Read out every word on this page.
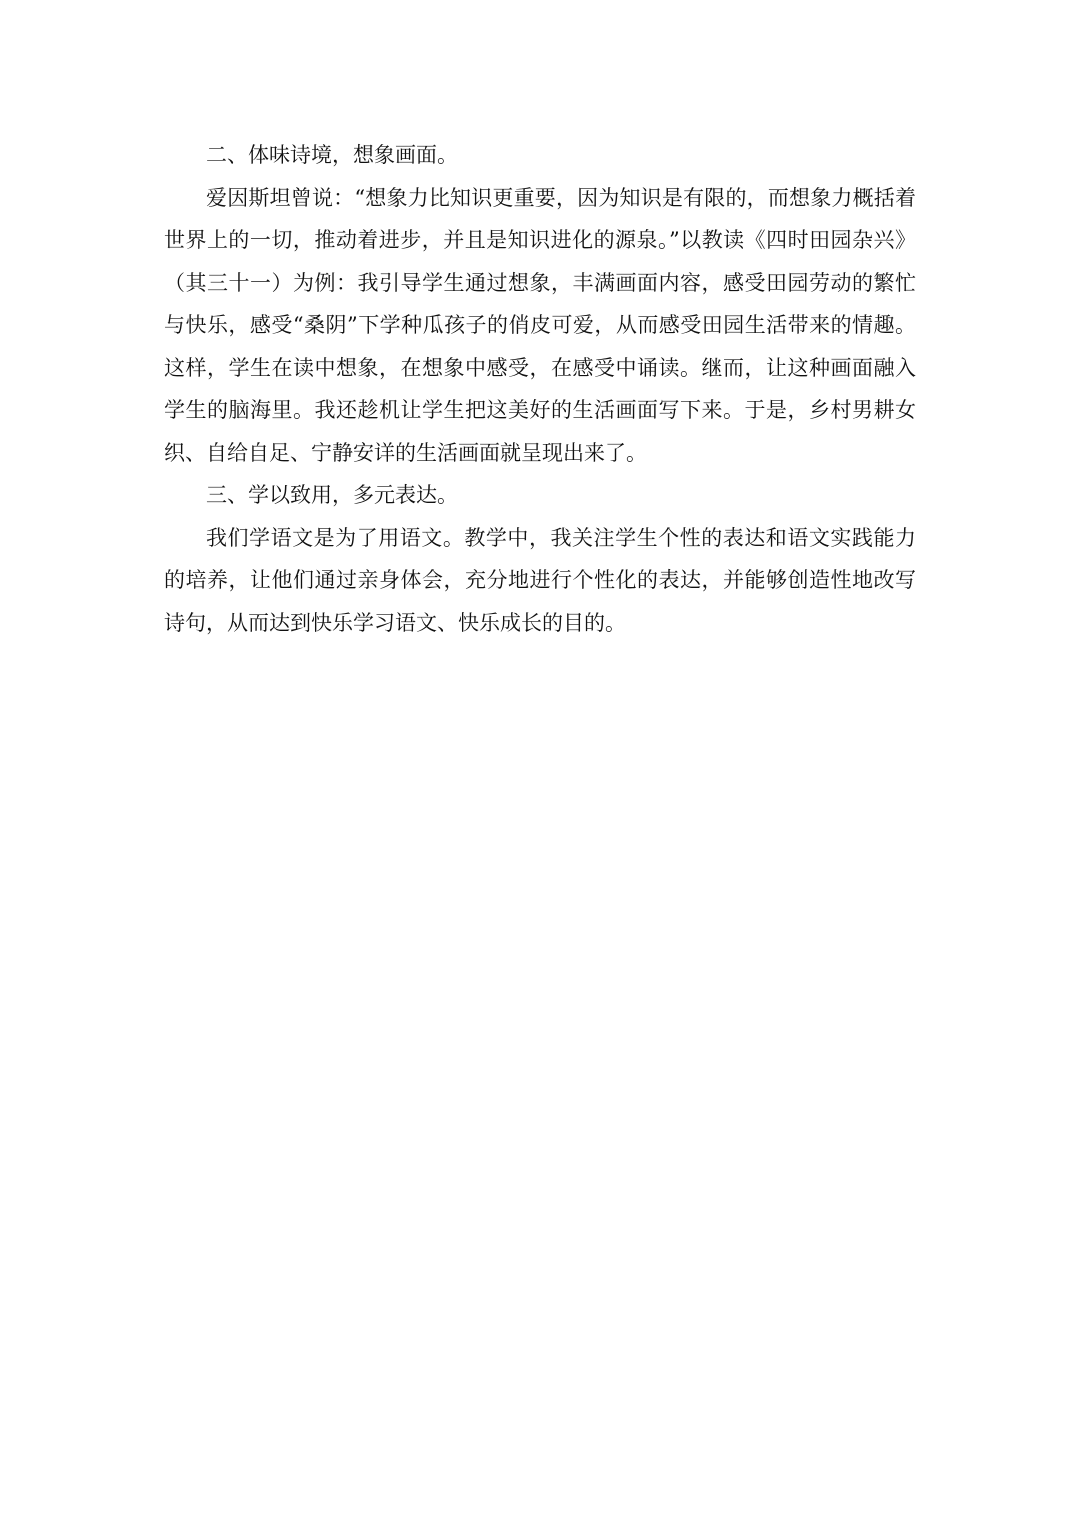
二、体味诗境，想象画面。

爱因斯坦曾说：“想象力比知识更重要，因为知识是有限的，而想象力概括着世界上的一切，推动着进步，并且是知识进化的源泉。”以教读《四时田园杂兴》（其三十一）为例：我引导学生通过想象，丰满画面内容，感受田园劳动的繁忙与快乐，感受“桑阴”下学种瓜孩子的俏皮可爱，从而感受田园生活带来的情趣。这样，学生在读中想象，在想象中感受，在感受中诵读。继而，让这种画面融入学生的脑海里。我还趁机让学生把这美好的生活画面写下来。于是，乡村男耕女织、自给自足、宁静安详的生活画面就呈现出来了。

三、学以致用，多元表达。

我们学语文是为了用语文。教学中，我关注学生个性的表达和语文实践能力的培养，让他们通过亲身体会，充分地进行个性化的表达，并能够创造性地改写诗句，从而达到快乐学习语文、快乐成长的目的。
